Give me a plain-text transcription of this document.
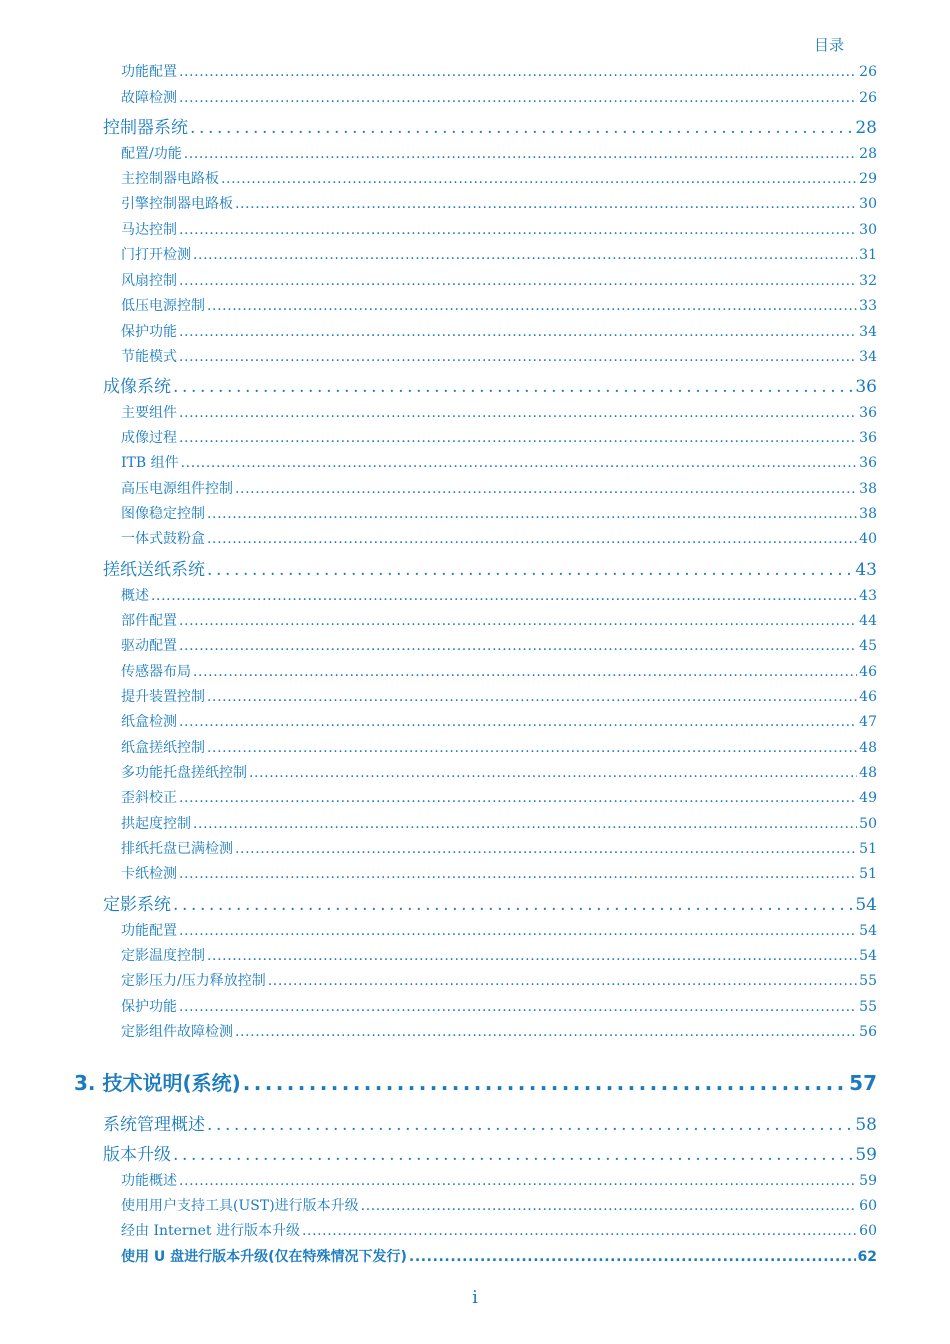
目录
功能配置 .....	26
故障检测 .....	26
控制器系统 .....	28
配置/功能 .....	28
主控制器电路板 .....	29
引擎控制器电路板 .....	30
马达控制 .....	30
门打开检测 .....	31
风扇控制 .....	32
低压电源控制 .....	33
保护功能 .....	34
节能模式 .....	34
成像系统 .....	36
主要组件 .....	36
成像过程 .....	36
ITB 组件 .....	36
高压电源组件控制 .....	38
图像稳定控制 .....	38
一体式鼓粉盒 .....	40
搓纸送纸系统 .....	43
概述 .....	43
部件配置 .....	44
驱动配置 .....	45
传感器布局 .....	46
提升装置控制 .....	46
纸盒检测 .....	47
纸盒搓纸控制 .....	48
多功能托盘搓纸控制 .....	48
歪斜校正 .....	49
拱起度控制 .....	50
排纸托盘已满检测 .....	51
卡纸检测 .....	51
定影系统 .....	54
功能配置 .....	54
定影温度控制 .....	54
定影压力/压力释放控制 .....	55
保护功能 .....	55
定影组件故障检测 .....	56
3. 技术说明(系统) .....	57
系统管理概述 .....	58
版本升级 .....	59
功能概述 .....	59
使用用户支持工具(UST)进行版本升级 .....	60
经由 Internet 进行版本升级 .....	60
使用 U 盘进行版本升级(仅在特殊情况下发行) .....	62
i
